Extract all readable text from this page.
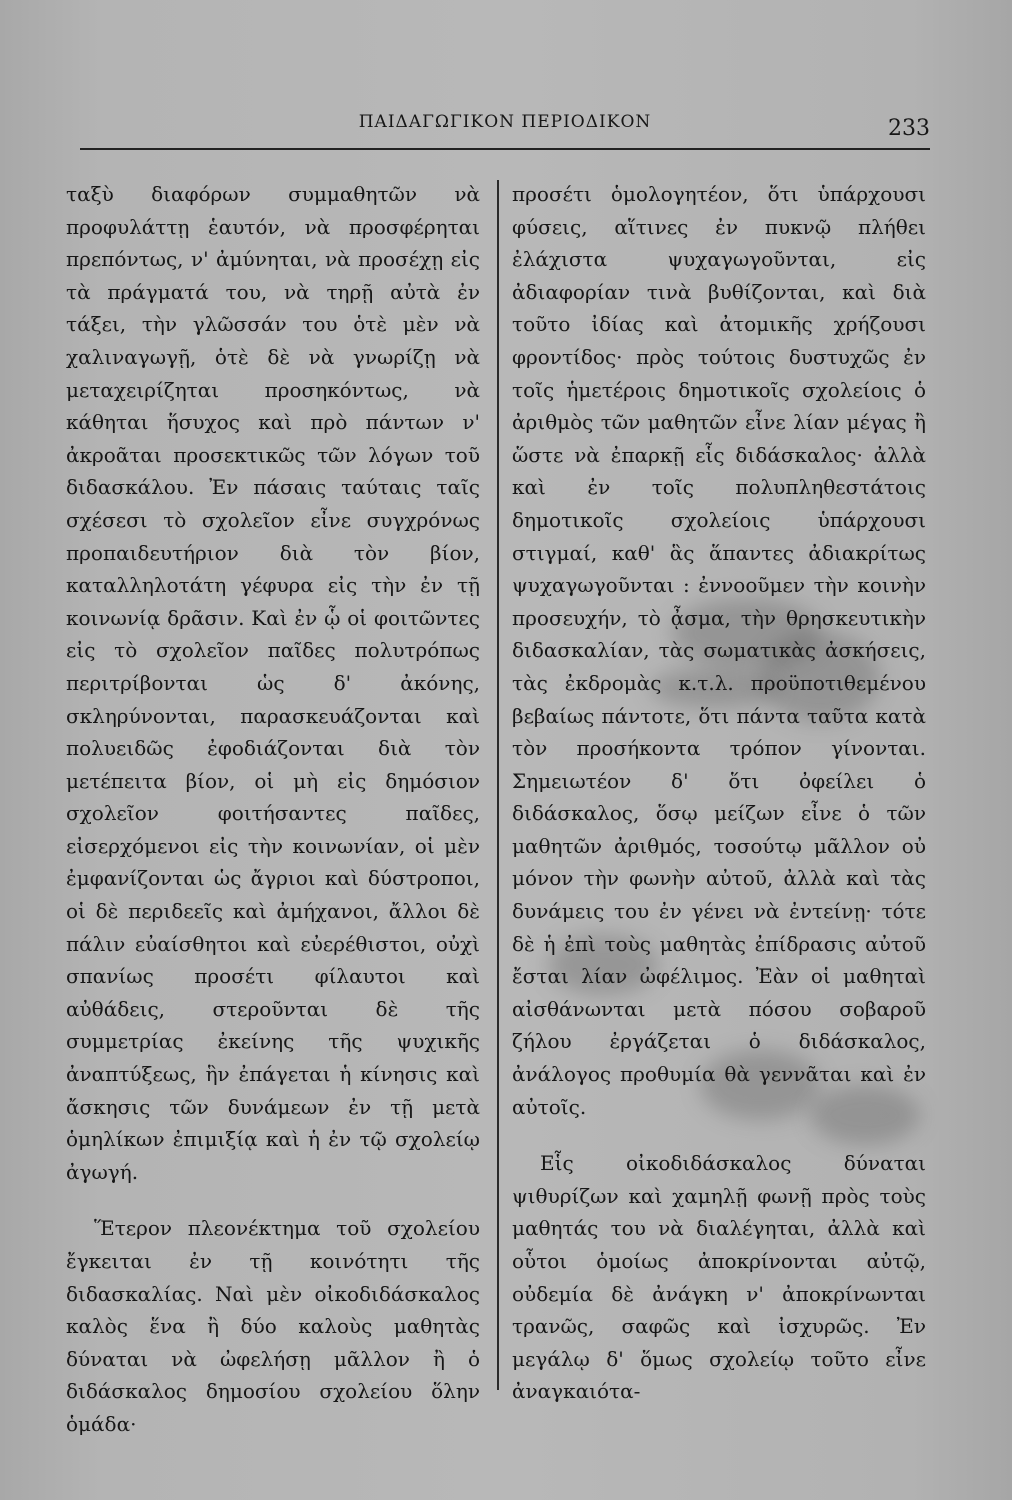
ΠΑΙΔΑΓΩΓΙΚΟΝ ΠΕΡΙΟΔΙΚΟΝ	233

ταξὺ διαφόρων συμμαθητῶν νὰ προφυλάττῃ ἑαυτόν, νὰ προσφέρηται πρεπόντως, ν' ἀμύνηται, νὰ προσέχῃ εἰς τὰ πράγματά του, νὰ τηρῇ αὐτὰ ἐν τάξει, τὴν γλῶσσάν του ὁτὲ μὲν νὰ χαλιναγωγῇ, ὁτὲ δὲ νὰ γνωρίζῃ νὰ μεταχειρίζηται προσηκόντως, νὰ κάθηται ἥσυχος καὶ πρὸ πάντων ν' ἀκροᾶται προσεκτικῶς τῶν λόγων τοῦ διδασκάλου. Ἐν πάσαις ταύταις ταῖς σχέσεσι τὸ σχολεῖον εἶνε συγχρόνως προπαιδευτήριον διὰ τὸν βίον, καταλληλοτάτη γέφυρα εἰς τὴν ἐν τῇ κοινωνίᾳ δρᾶσιν. Καὶ ἐν ᾧ οἱ φοιτῶντες εἰς τὸ σχολεῖον παῖδες πολυτρόπως περιτρίβονται ὡς δ' ἀκόνης, σκληρύνονται, παρασκευάζονται καὶ πολυειδῶς ἐφοδιάζονται διὰ τὸν μετέπειτα βίον, οἱ μὴ εἰς δημόσιον σχολεῖον φοιτήσαντες παῖδες, εἰσερχόμενοι εἰς τὴν κοινωνίαν, οἱ μὲν ἐμφανίζονται ὡς ἄγριοι καὶ δύστροποι, οἱ δὲ περιδεεῖς καὶ ἀμήχανοι, ἄλλοι δὲ πάλιν εὐαίσθητοι καὶ εὐερέθιστοι, οὐχὶ σπανίως προσέτι φίλαυτοι καὶ αὐθάδεις, στεροῦνται δὲ τῆς συμμετρίας ἐκείνης τῆς ψυχικῆς ἀναπτύξεως, ἣν ἐπάγεται ἡ κίνησις καὶ ἄσκησις τῶν δυνάμεων ἐν τῇ μετὰ ὁμηλίκων ἐπιμιξίᾳ καὶ ἡ ἐν τῷ σχολείῳ ἀγωγή.

Ἕτερον πλεονέκτημα τοῦ σχολείου ἔγκειται ἐν τῇ κοινότητι τῆς διδασκαλίας. Ναὶ μὲν οἰκοδιδάσκαλος καλὸς ἕνα ἢ δύο καλοὺς μαθητὰς δύναται νὰ ὠφελήσῃ μᾶλλον ἢ ὁ διδάσκαλος δημοσίου σχολείου ὅλην ὁμάδα·

προσέτι ὁμολογητέον, ὅτι ὑπάρχουσι φύσεις, αἵτινες ἐν πυκνῷ πλήθει ἐλάχιστα ψυχαγωγοῦνται, εἰς ἀδιαφορίαν τινὰ βυθίζονται, καὶ διὰ τοῦτο ἰδίας καὶ ἀτομικῆς χρήζουσι φροντίδος· πρὸς τούτοις δυστυχῶς ἐν τοῖς ἡμετέροις δημοτικοῖς σχολείοις ὁ ἀριθμὸς τῶν μαθητῶν εἶνε λίαν μέγας ἢ ὥστε νὰ ἐπαρκῇ εἷς διδάσκαλος· ἀλλὰ καὶ ἐν τοῖς πολυπληθεστάτοις δημοτικοῖς σχολείοις ὑπάρχουσι στιγμαί, καθ' ἃς ἅπαντες ἀδιακρίτως ψυχαγωγοῦνται : ἐννοοῦμεν τὴν κοινὴν προσευχήν, τὸ ᾆσμα, τὴν θρησκευτικὴν διδασκαλίαν, τὰς σωματικὰς ἀσκήσεις, τὰς ἐκδρομὰς κ.τ.λ. προϋποτιθεμένου βεβαίως πάντοτε, ὅτι πάντα ταῦτα κατὰ τὸν προσήκοντα τρόπον γίνονται. Σημειωτέον δ' ὅτι ὀφείλει ὁ διδάσκαλος, ὅσῳ μείζων εἶνε ὁ τῶν μαθητῶν ἀριθμός, τοσούτῳ μᾶλλον οὐ μόνον τὴν φωνὴν αὐτοῦ, ἀλλὰ καὶ τὰς δυνάμεις του ἐν γένει νὰ ἐντείνῃ· τότε δὲ ἡ ἐπὶ τοὺς μαθητὰς ἐπίδρασις αὐτοῦ ἔσται λίαν ὠφέλιμος. Ἐὰν οἱ μαθηταὶ αἰσθάνωνται μετὰ πόσου σοβαροῦ ζήλου ἐργάζεται ὁ διδάσκαλος, ἀνάλογος προθυμία θὰ γεννᾶται καὶ ἐν αὐτοῖς.

Εἷς οἰκοδιδάσκαλος δύναται ψιθυρίζων καὶ χαμηλῇ φωνῇ πρὸς τοὺς μαθητάς του νὰ διαλέγηται, ἀλλὰ καὶ οὗτοι ὁμοίως ἀποκρίνονται αὐτῷ, οὐδεμία δὲ ἀνάγκη ν' ἀποκρίνωνται τρανῶς, σαφῶς καὶ ἰσχυρῶς. Ἐν μεγάλῳ δ' ὅμως σχολείῳ τοῦτο εἶνε ἀναγκαιότα-
